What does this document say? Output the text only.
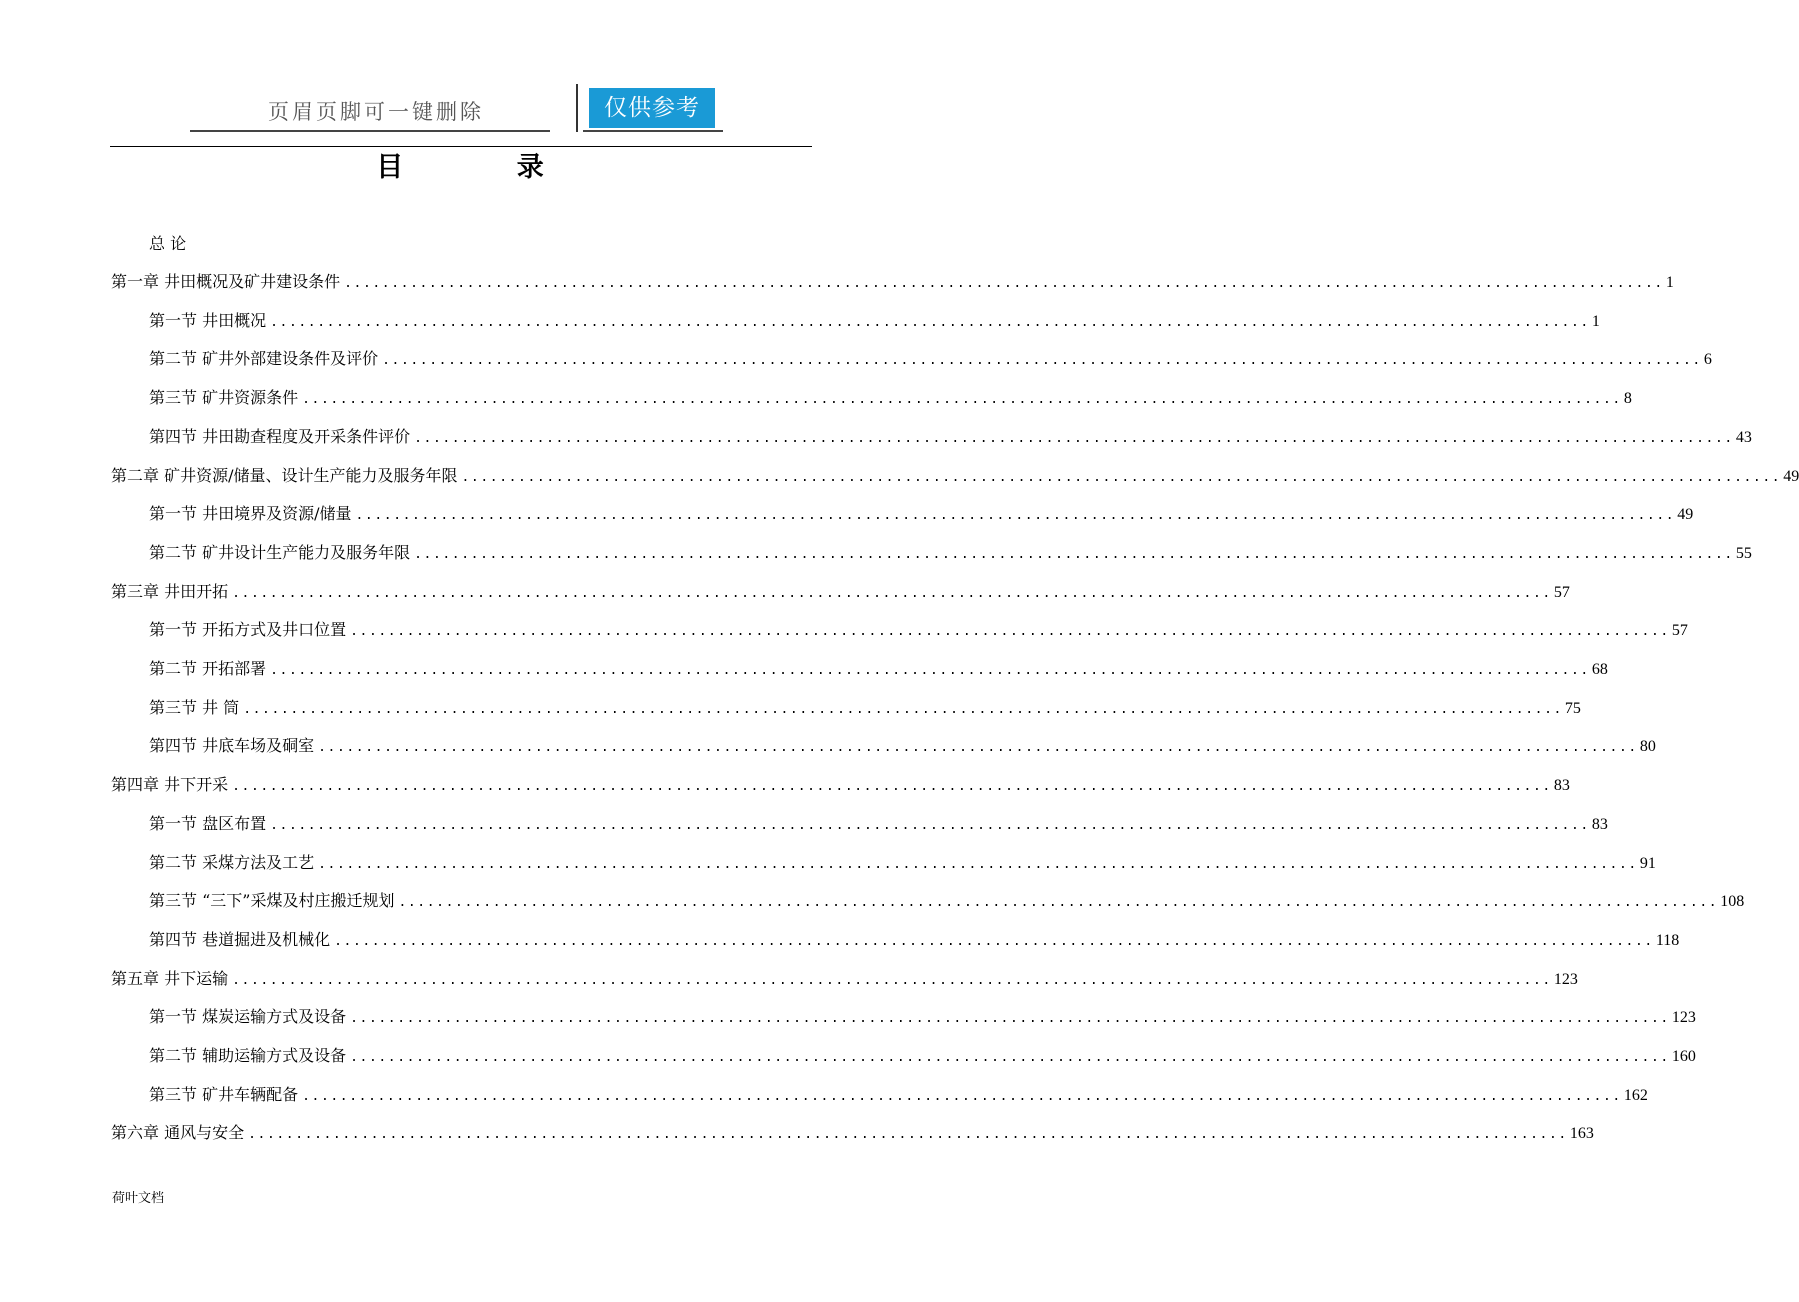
页眉页脚可一键删除	仅供参考
目 录
总 论
第一章 井田概况及矿井建设条件 ............................................................................................................................................ 1
第一节 井田概况 ............................................................................................................................................ 1
第二节 矿井外部建设条件及评价 ............................................................................................................................................ 6
第三节 矿井资源条件 ............................................................................................................................................ 8
第四节 井田勘查程度及开采条件评价 ............................................................................................................................................ 43
第二章 矿井资源/储量、设计生产能力及服务年限 ............................................................................................................................................ 49
第一节 井田境界及资源/储量 ............................................................................................................................................ 49
第二节 矿井设计生产能力及服务年限 ............................................................................................................................................ 55
第三章 井田开拓 ............................................................................................................................................ 57
第一节 开拓方式及井口位置 ............................................................................................................................................ 57
第二节 开拓部署 ............................................................................................................................................ 68
第三节 井 筒 ............................................................................................................................................ 75
第四节 井底车场及硐室 ............................................................................................................................................ 80
第四章 井下开采 ............................................................................................................................................ 83
第一节 盘区布置 ............................................................................................................................................ 83
第二节 采煤方法及工艺 ............................................................................................................................................ 91
第三节 “三下”采煤及村庄搬迁规划 ............................................................................................................................................ 108
第四节 巷道掘进及机械化 ............................................................................................................................................ 118
第五章 井下运输 ............................................................................................................................................ 123
第一节 煤炭运输方式及设备 ............................................................................................................................................ 123
第二节 辅助运输方式及设备 ............................................................................................................................................ 160
第三节 矿井车辆配备 ............................................................................................................................................ 162
第六章 通风与安全 ............................................................................................................................................ 163
荷叶文档
